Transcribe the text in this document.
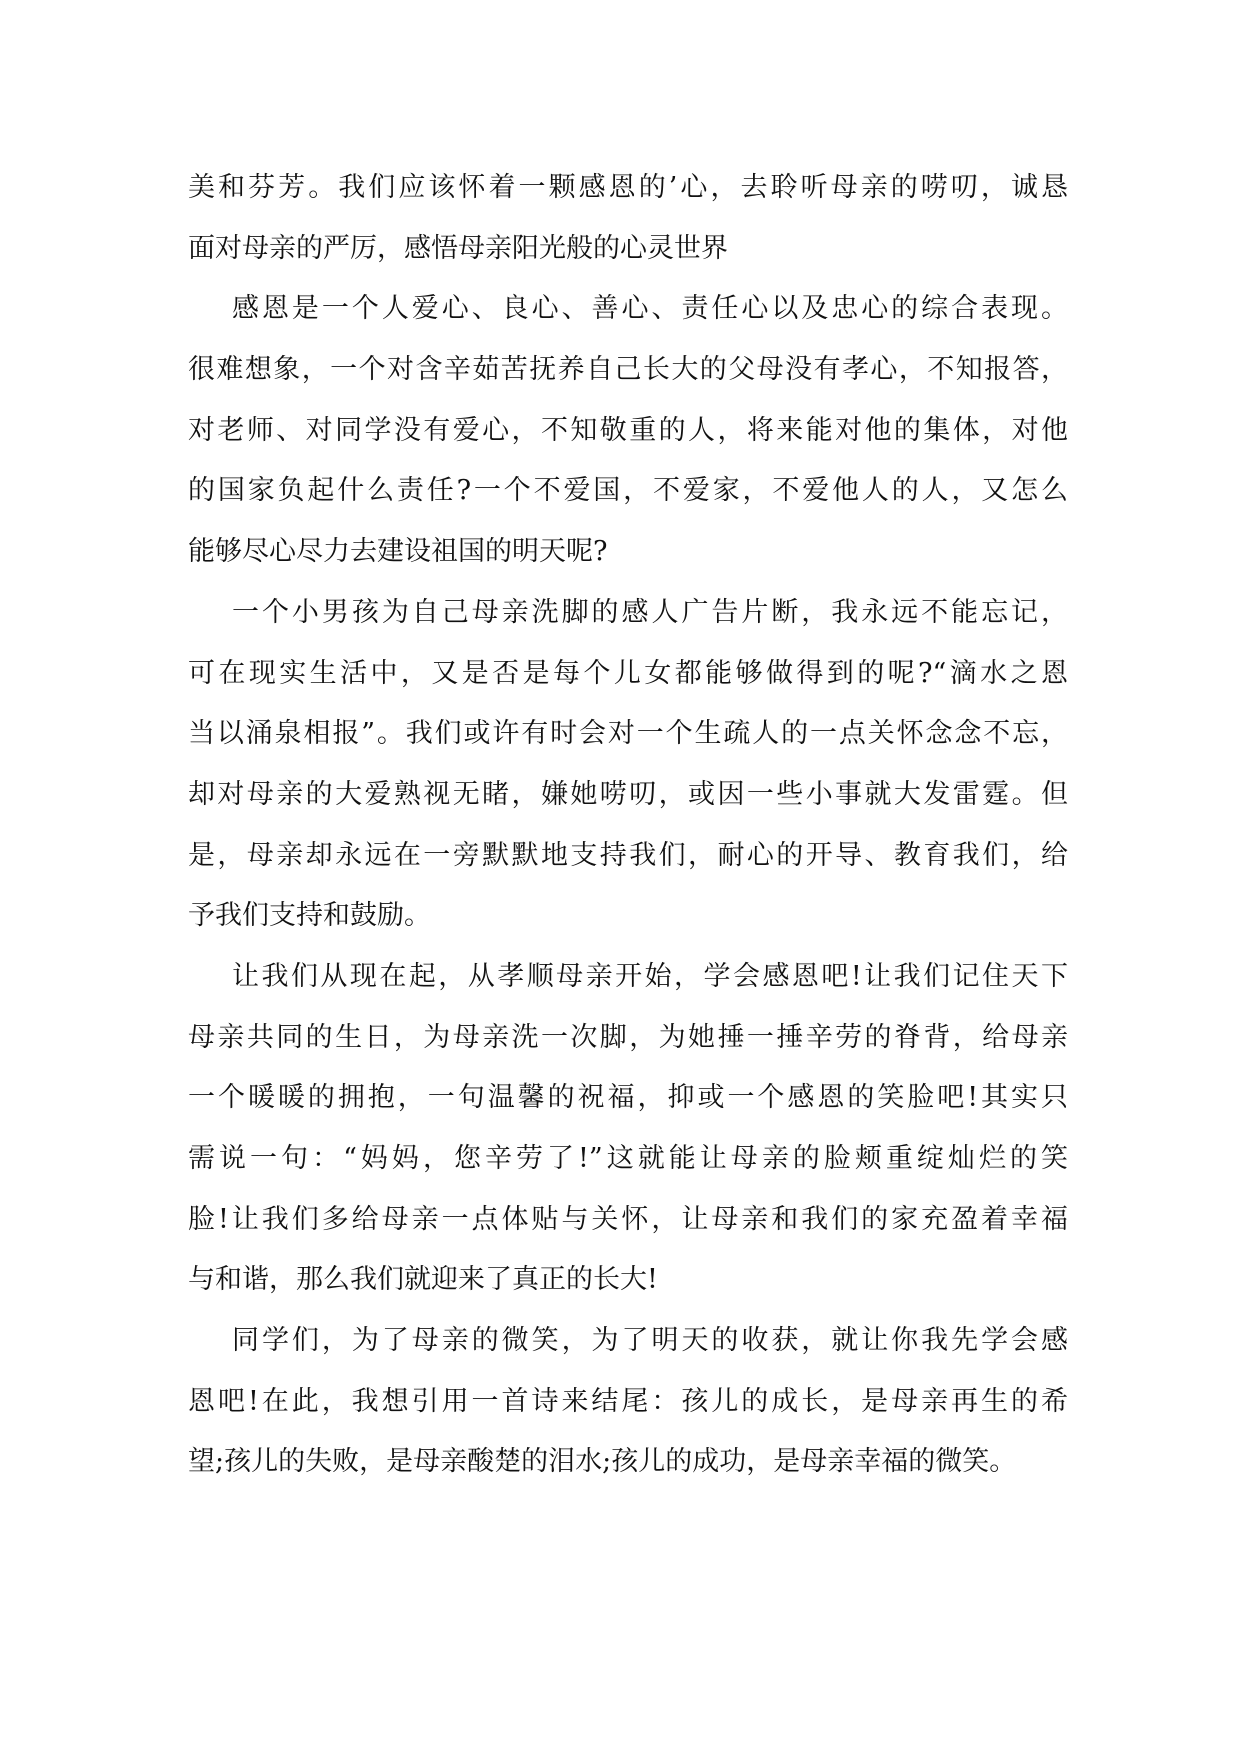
美和芬芳。我们应该怀着一颗感恩的’心，去聆听母亲的唠叨，诚恳
面对母亲的严厉，感悟母亲阳光般的心灵世界
感恩是一个人爱心、良心、善心、责任心以及忠心的综合表现。
很难想象，一个对含辛茹苦抚养自己长大的父母没有孝心，不知报答，
对老师、对同学没有爱心，不知敬重的人，将来能对他的集体，对他
的国家负起什么责任?一个不爱国，不爱家，不爱他人的人，又怎么
能够尽心尽力去建设祖国的明天呢?
一个小男孩为自己母亲洗脚的感人广告片断，我永远不能忘记，
可在现实生活中，又是否是每个儿女都能够做得到的呢?“滴水之恩
当以涌泉相报”。我们或许有时会对一个生疏人的一点关怀念念不忘，
却对母亲的大爱熟视无睹，嫌她唠叨，或因一些小事就大发雷霆。但
是，母亲却永远在一旁默默地支持我们，耐心的开导、教育我们，给
予我们支持和鼓励。
让我们从现在起，从孝顺母亲开始，学会感恩吧!让我们记住天下
母亲共同的生日，为母亲洗一次脚，为她捶一捶辛劳的脊背，给母亲
一个暖暖的拥抱，一句温馨的祝福，抑或一个感恩的笑脸吧!其实只
需说一句：“妈妈，您辛劳了!”这就能让母亲的脸颊重绽灿烂的笑
脸!让我们多给母亲一点体贴与关怀，让母亲和我们的家充盈着幸福
与和谐，那么我们就迎来了真正的长大!
同学们，为了母亲的微笑，为了明天的收获，就让你我先学会感
恩吧!在此，我想引用一首诗来结尾：孩儿的成长，是母亲再生的希
望;孩儿的失败，是母亲酸楚的泪水;孩儿的成功，是母亲幸福的微笑。
